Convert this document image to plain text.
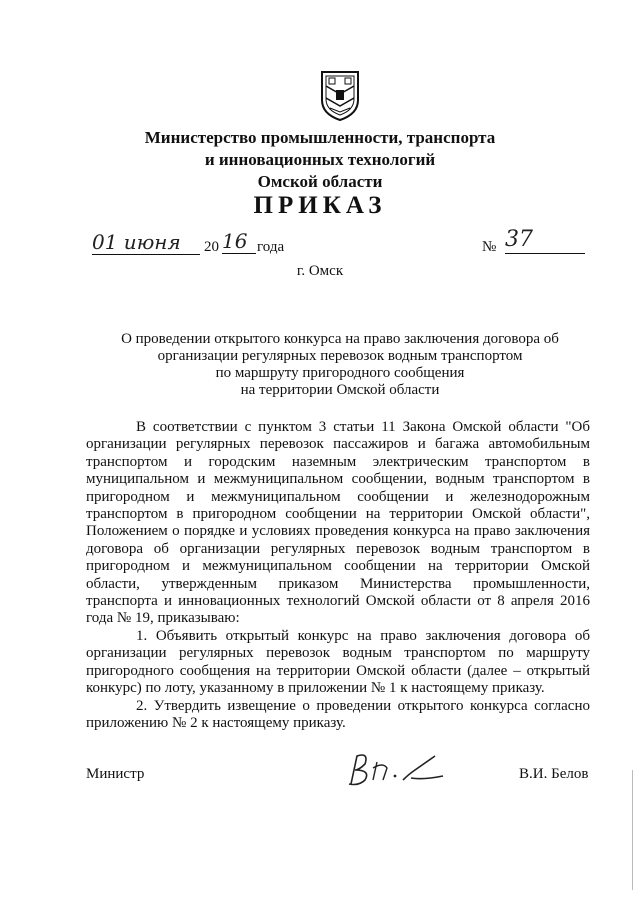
Министерство промышленности, транспорта
и инновационных технологий
Омской области
ПРИКАЗ
01 июня	20 16 года	№ 37
г. Омск
О проведении открытого конкурса на право заключения договора об
организации регулярных перевозок водным транспортом
по маршруту пригородного сообщения
на территории Омской области

В соответствии с пунктом 3 статьи 11 Закона Омской области "Об организации регулярных перевозок пассажиров и багажа автомобильным транспортом и городским наземным электрическим транспортом в муниципальном и межмуниципальном сообщении, водным транспортом в пригородном и межмуниципальном сообщении и железнодорожным транспортом в пригородном сообщении на территории Омской области", Положением о порядке и условиях проведения конкурса на право заключения договора об организации регулярных перевозок водным транспортом в пригородном и межмуниципальном сообщении на территории Омской области, утвержденным приказом Министерства промышленности, транспорта и инновационных технологий Омской области от 8 апреля 2016 года № 19, приказываю:

1. Объявить открытый конкурс на право заключения договора об организации регулярных перевозок водным транспортом по маршруту пригородного сообщения на территории Омской области (далее – открытый конкурс) по лоту, указанному в приложении № 1 к настоящему приказу.

2. Утвердить извещение о проведении открытого конкурса согласно приложению № 2 к настоящему приказу.

Министр	В.И. Белов
